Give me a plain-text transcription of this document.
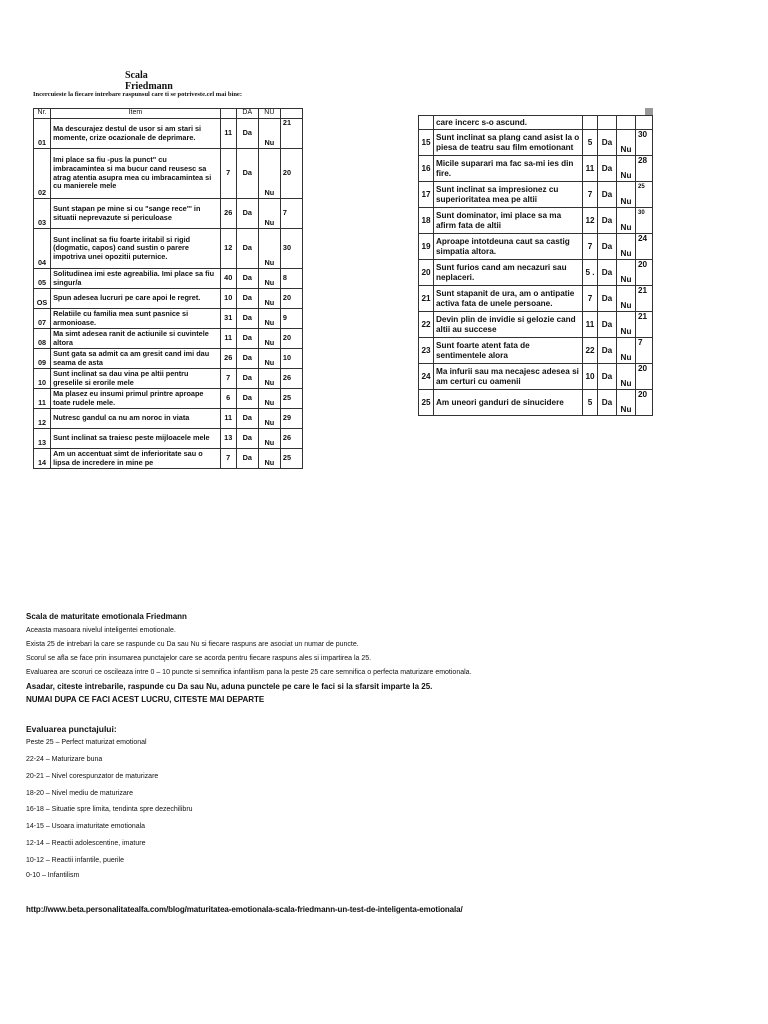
Scala Friedmann
Incercuieste la fiecare intrebare raspunsul care ti se potriveste.cel mai bine:
Nr.	Item		DA	NU	
01	Ma descurajez destul de usor si am stari si momente, crize ocazionale de deprimare.	11	Da	Nu	21
02	Imi place sa fiu -pus la punct" cu imbracamintea si ma bucur cand reusesc sa atrag atentia asupra mea cu imbracamintea si cu manierele mele	7	Da	Nu	20
03	Sunt stapan pe mine si cu "sange rece"' in situatii neprevazute si periculoase	26	Da	Nu	7
04	Sunt inclinat sa fiu foarte iritabil si rigid (dogmatic, capos) cand sustin o parere impotriva unei opozitii puternice.	12	Da	Nu	30
05	Solitudinea imi este agreabilia. Imi place sa fiu singur/a	40	Da	Nu	8
OS	Spun adesea lucruri pe care apoi le regret.	10	Da	Nu	20
07	Relatiile cu familia mea sunt pasnice si armonioase.	31	Da	Nu	9
08	Ma simt adesea ranit de actiunile si cuvintele altora	11	Da	Nu	20
09	Sunt gata sa admit ca am gresit cand imi dau seama de asta	26	Da	Nu	10
10	Sunt inclinat sa dau vina pe altii pentru greselile si erorile mele	7	Da	Nu	26
11	Ma plasez eu insumi primul printre aproape toate rudele mele.	6	Da	Nu	25
12	Nutresc gandul ca nu am noroc in viata	11	Da	Nu	29
13	Sunt inclinat sa traiesc peste mijloacele mele	13	Da	Nu	26
14	Am un accentuat simt de inferioritate sau o lipsa de incredere in mine pe	7	Da	Nu	25
	care incerc s-o ascund.				
15	Sunt inclinat sa plang cand asist la o piesa de teatru sau film emotionant	5	Da	Nu	30
16	Micile suparari ma fac sa-mi ies din fire.	11	Da	Nu	28
17	Sunt inclinat sa impresionez cu superioritatea mea pe altii	7	Da	Nu	25
18	Sunt dominator, imi place sa ma afirm fata de altii	12	Da	Nu	30
19	Aproape intotdeuna caut sa castig simpatia altora.	7	Da	Nu	24
20	Sunt furios cand am necazuri sau neplaceri.	5 .	Da	Nu	20
21	Sunt stapanit de ura, am o antipatie activa fata de unele persoane.	7	Da	Nu	21
22	Devin plin de invidie si gelozie cand altii au succese	11	Da	Nu	21
23	Sunt foarte atent fata de sentimentele alora	22	Da	Nu	7
24	Ma infurii sau ma necajesc adesea si am certuri cu oamenii	10	Da	Nu	20
25	Am uneori ganduri de sinucidere	5	Da	Nu	20
Scala de maturitate emotionala Friedmann
Aceasta masoara nivelul inteligentei emotionale.
Exista 25 de intrebari la care se raspunde cu Da sau Nu si fiecare raspuns are asociat un numar de puncte.
Scorul se afla se face prin insumarea punctajelor care se acorda pentru fiecare raspuns ales si impartirea la 25.
Evaluarea are scoruri ce oscileaza intre 0 – 10 puncte si semnifica infantilism pana la peste 25 care semnifica o perfecta maturizare emotionala.
Asadar, citeste intrebarile, raspunde cu Da sau Nu, aduna punctele pe care le faci si la sfarsit imparte la 25.
NUMAI DUPA CE FACI ACEST LUCRU, CITESTE MAI DEPARTE
Evaluarea punctajului:
Peste 25 – Perfect maturizat emotional
22-24 – Maturizare buna
20-21 – Nivel corespunzator de maturizare
18-20 – Nivel mediu de maturizare
16-18 – Situatie spre limita, tendinta spre dezechilibru
14-15 – Usoara imaturitate emotionala
12-14 – Reactii adolescentine, imature
10-12 – Reactii infantile, puerile
0-10 – Infantilism
http://www.beta.personalitatealfa.com/blog/maturitatea-emotionala-scala-friedmann-un-test-de-inteligenta-emotionala/
